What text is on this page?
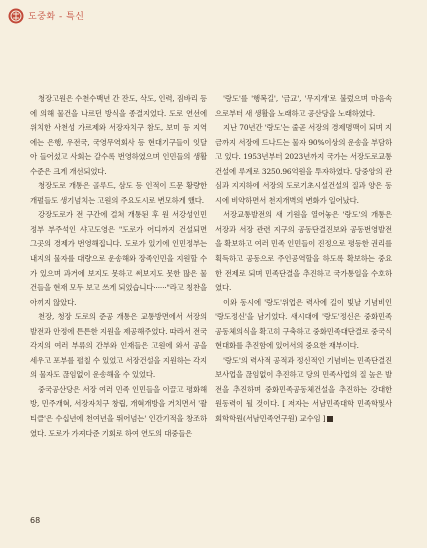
도중화 - 특신

청장고원은 수천수백년 간 잔도, 삭도, 인력, 짐바리 등에 의해 물건을 나르던 방식을 종결지었다. 도로 연선에 위치한 사천성 가르제와 서장자치구 참도, 보미 등 지역에는 은행, 우전국, 국영무역회사 등 현대기구들이 잇달아 들어섰고 사회는 갈수록 번영하였으며 인민들의 생활수준은 크게 개선되었다.

청장도로 개통은 골루드, 삼도 등 인적이 드문 황량한 개펄들도 생기넘치는 고원의 주요도시로 변모하게 했다.

강장도로가 전 구간에 걸쳐 개통된 후 원 서강성인민정부 부주석인 샤고도영은 "도로가 어디까지 건설되면 그곳의 경제가 번영해집니다. 도로가 있기에 인민정부는 내지의 물자를 대량으로 운송해와 장족인민을 지원할 수가 있으며 과거에 보지도 못하고 써보지도 못한 많은 물건들을 현재 모두 보고 쓰게 되었습니다······"라고 칭찬을 아끼지 않았다.

천장, 청장 도로의 준공 개통은 교통방면에서 서장의 발전과 안정에 튼튼한 지원을 제공해주었다. 따라서 전국 각지의 여러 부류의 간부와 인재들은 고원에 와서 공을 세우고 포부를 펼칠 수 있었고 서장건설을 지원하는 각지의 물자도 끊임없이 운송해올 수 있었다.

중국공산당은 서장 여러 민족 인민들을 이끌고 평화해방, 민주개혁, 서장자치구 창립, 개혁개방을 거치면서 '괄티클'은 수십년에 천여년을 뛰어넘는' 인간기적을 창조하였다. 도로가 가져다준 기회로 하여 연도의 대중들은

'랑도'를 '행복길', '금교', '무지개'로 불렀으며 마음속으로부터 새 생활을 노래하고 공산당을 노래하였다.

지난 70년간 '랑도'는 줄곧 서장의 경제명맥이 되며 지금까지 서장에 드나드는 물자 90%이상의 운송을 부담하고 있다. 1953년부터 2023년까지 국가는 서장도로교통건설에 루계로 3250.96억원을 투자하였다. 당중앙의 관심과 지지하에 서장의 도로기초시설건설의 질과 양은 동시에 비약하면서 천지개벽의 변화가 일어났다.

서장교통발전의 새 기원을 열어놓은 '랑도'의 개통은 서장과 서장 관련 지구의 공동단결진보와 공동번영발전을 확보하고 여러 민족 인민들이 진정으로 평등한 권리를 획득하고 공동으로 주인공역할을 하도록 확보하는 중요한 전제로 되며 민족단결을 추진하고 국가통일을 수호하였다.

이와 동시에 '랑도'위업은 력사에 길이 빛날 기념비인 '랑도정신'을 남기었다. 새시대에 '랑도'정신은 중화민족공동체의식을 확고히 구축하고 중화민족대단결로 중국식 현대화를 추진함에 있어서의 중요한 재부이다.

'랑도'의 력사적 공적과 정신적인 기념비는 민족단결진보사업을 끊임없이 추진하고 당의 민족사업의 질 높은 발전을 추진하며 중화민족공동체건설을 추진하는 강대한 원동력이 될 것이다. [ 저자는 서남민족대학 민족학및사회학학원(서남민족연구원) 교수임 ]

68
